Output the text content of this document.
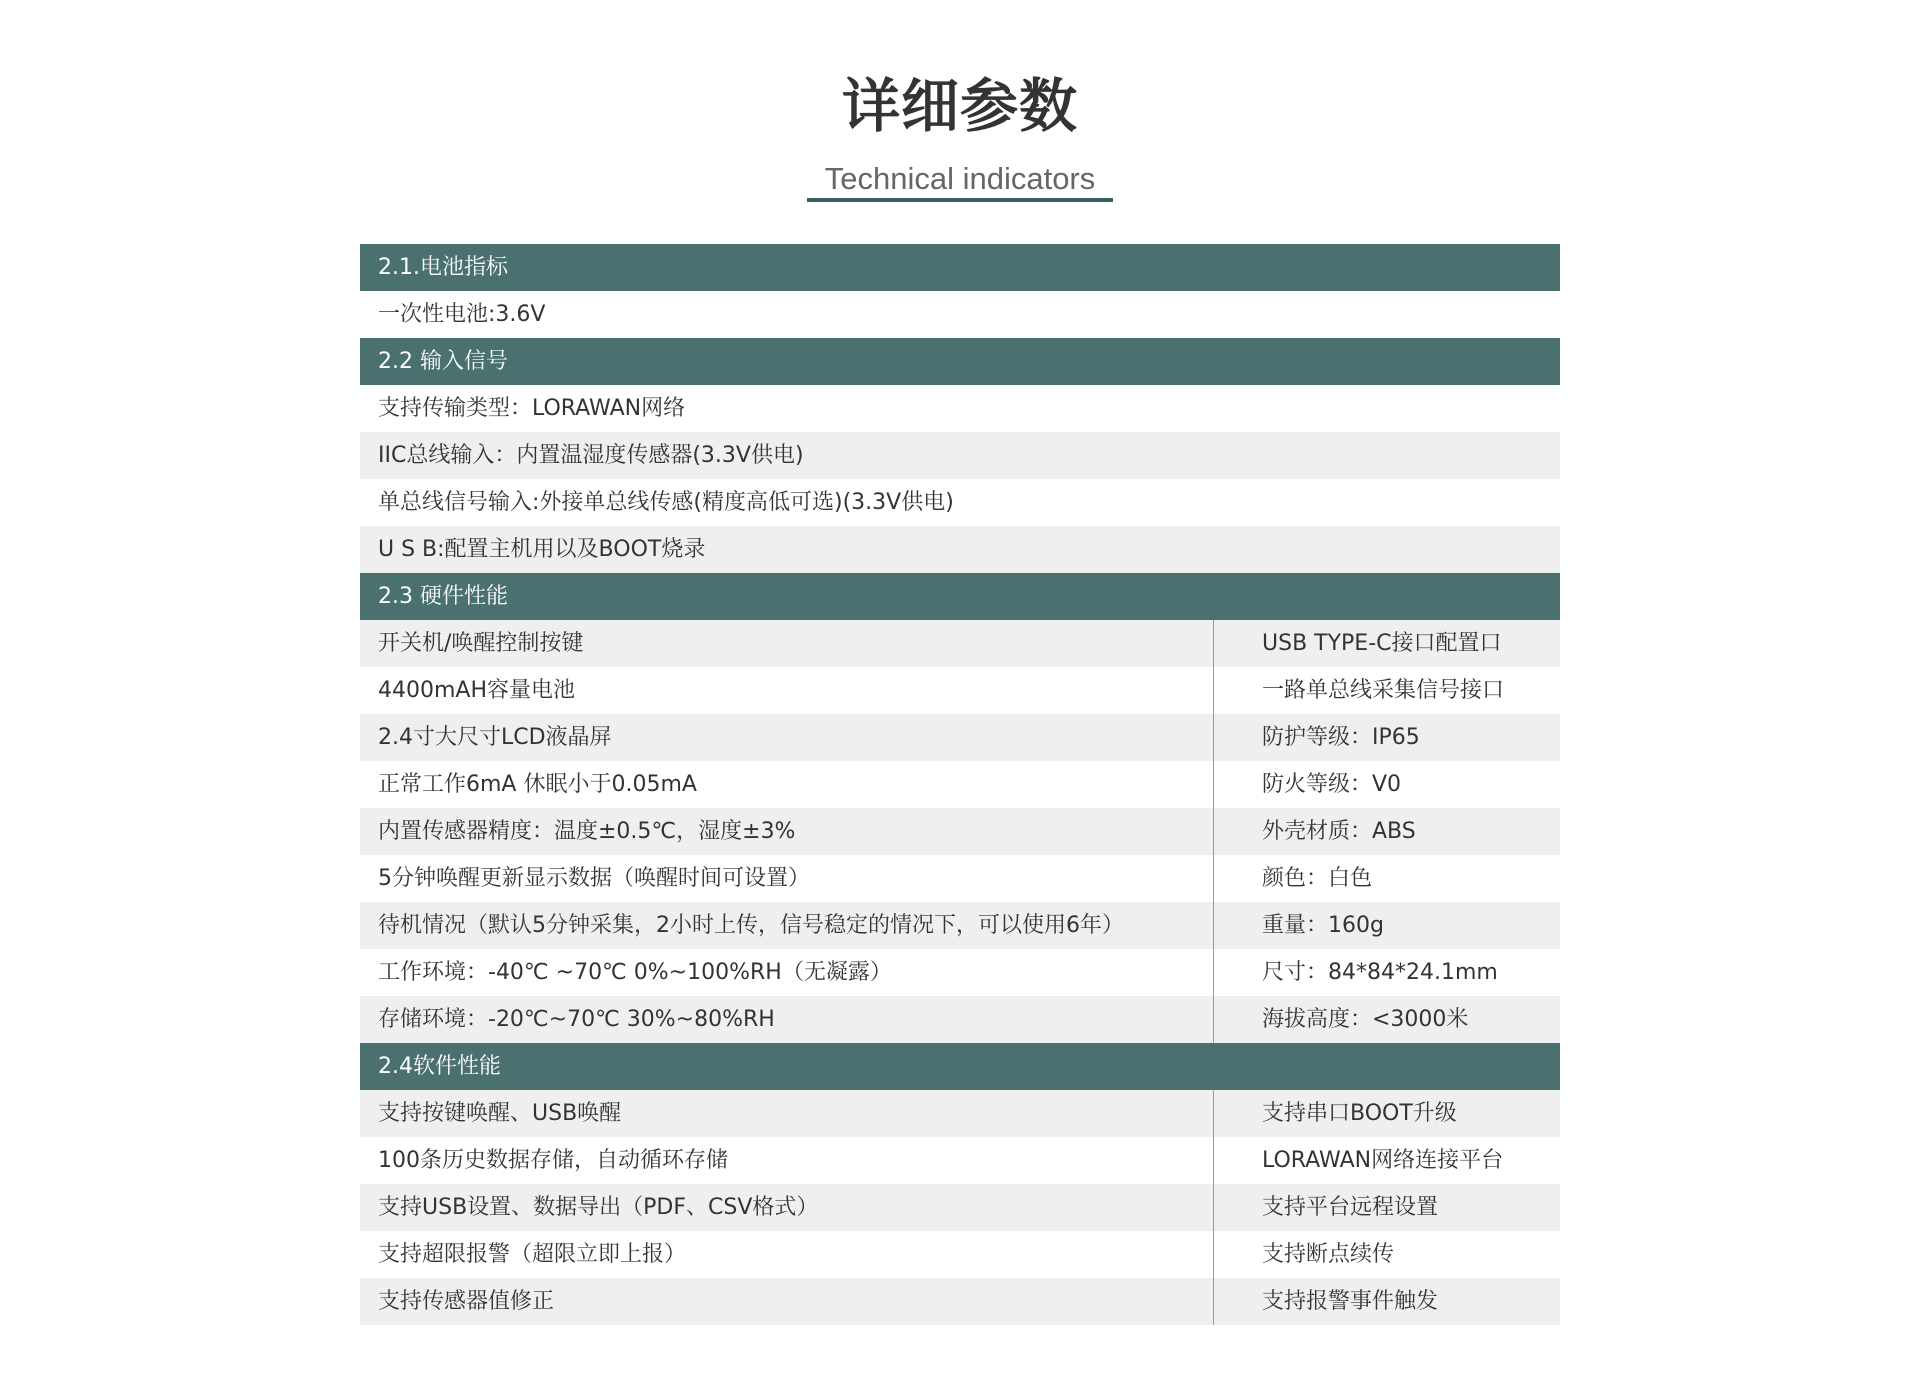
详细参数
Technical indicators
2.1.电池指标
一次性电池:3.6V
2.2 输入信号
支持传输类型：LORAWAN网络
IIC总线输入：内置温湿度传感器(3.3V供电)
单总线信号输入:外接单总线传感(精度高低可选)(3.3V供电)
U S B:配置主机用以及BOOT烧录
2.3 硬件性能
开关机/唤醒控制按键	USB TYPE-C接口配置口
4400mAH容量电池	一路单总线采集信号接口
2.4寸大尺寸LCD液晶屏	防护等级：IP65
正常工作6mA 休眠小于0.05mA	防火等级：V0
内置传感器精度：温度±0.5℃，湿度±3%	外壳材质：ABS
5分钟唤醒更新显示数据（唤醒时间可设置）	颜色：白色
待机情况（默认5分钟采集，2小时上传，信号稳定的情况下，可以使用6年）	重量：160g
工作环境：-40℃ ~70℃ 0%~100%RH（无凝露）	尺寸：84*84*24.1mm
存储环境：-20℃~70℃ 30%~80%RH	海拔高度：<3000米
2.4软件性能
支持按键唤醒、USB唤醒	支持串口BOOT升级
100条历史数据存储，自动循环存储	LORAWAN网络连接平台
支持USB设置、数据导出（PDF、CSV格式）	支持平台远程设置
支持超限报警（超限立即上报）	支持断点续传
支持传感器值修正	支持报警事件触发
